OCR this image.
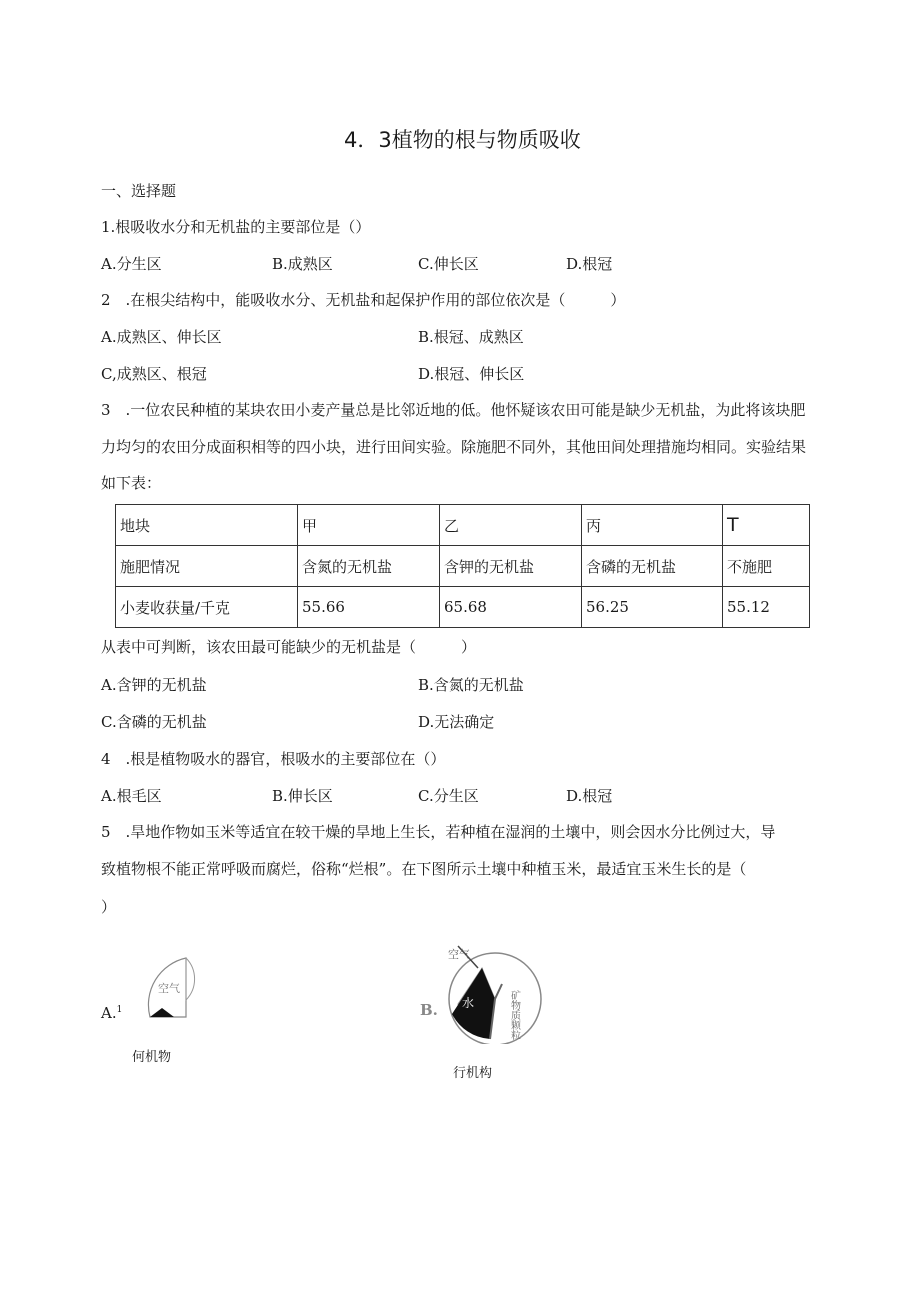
4．3植物的根与物质吸收
一、选择题
1.根吸收水分和无机盐的主要部位是（）
A.分生区	B.成熟区	C.伸长区	D.根冠
2　.在根尖结构中，能吸收水分、无机盐和起保护作用的部位依次是（　　　）
A.成熟区、伸长区	B.根冠、成熟区
C,成熟区、根冠	D.根冠、伸长区
3　.一位农民种植的某块农田小麦产量总是比邻近地的低。他怀疑该农田可能是缺少无机盐，为此将该块肥
力均匀的农田分成面积相等的四小块，进行田间实验。除施肥不同外，其他田间处理措施均相同。实验结果
如下表：
地块	甲	乙	丙	T
施肥情况	含氮的无机盐	含钾的无机盐	含磷的无机盐	不施肥
小麦收获量/千克	55.66	65.68	56.25	55.12
从表中可判断，该农田最可能缺少的无机盐是（　　　）
A.含钾的无机盐	B.含氮的无机盐
C.含磷的无机盐	D.无法确定
4　.根是植物吸水的器官，根吸水的主要部位在（）
A.根毛区	B.伸长区	C.分生区	D.根冠
5　.旱地作物如玉米等适宜在较干燥的旱地上生长，若种植在湿润的土壤中，则会因水分比例过大，导
致植物根不能正常呼吸而腐烂，俗称“烂根”。在下图所示土壤中种植玉米，最适宜玉米生长的是（
）
A.$^1$
空气
何机物
B.
空气
水	矿物质颗粒
行机构
